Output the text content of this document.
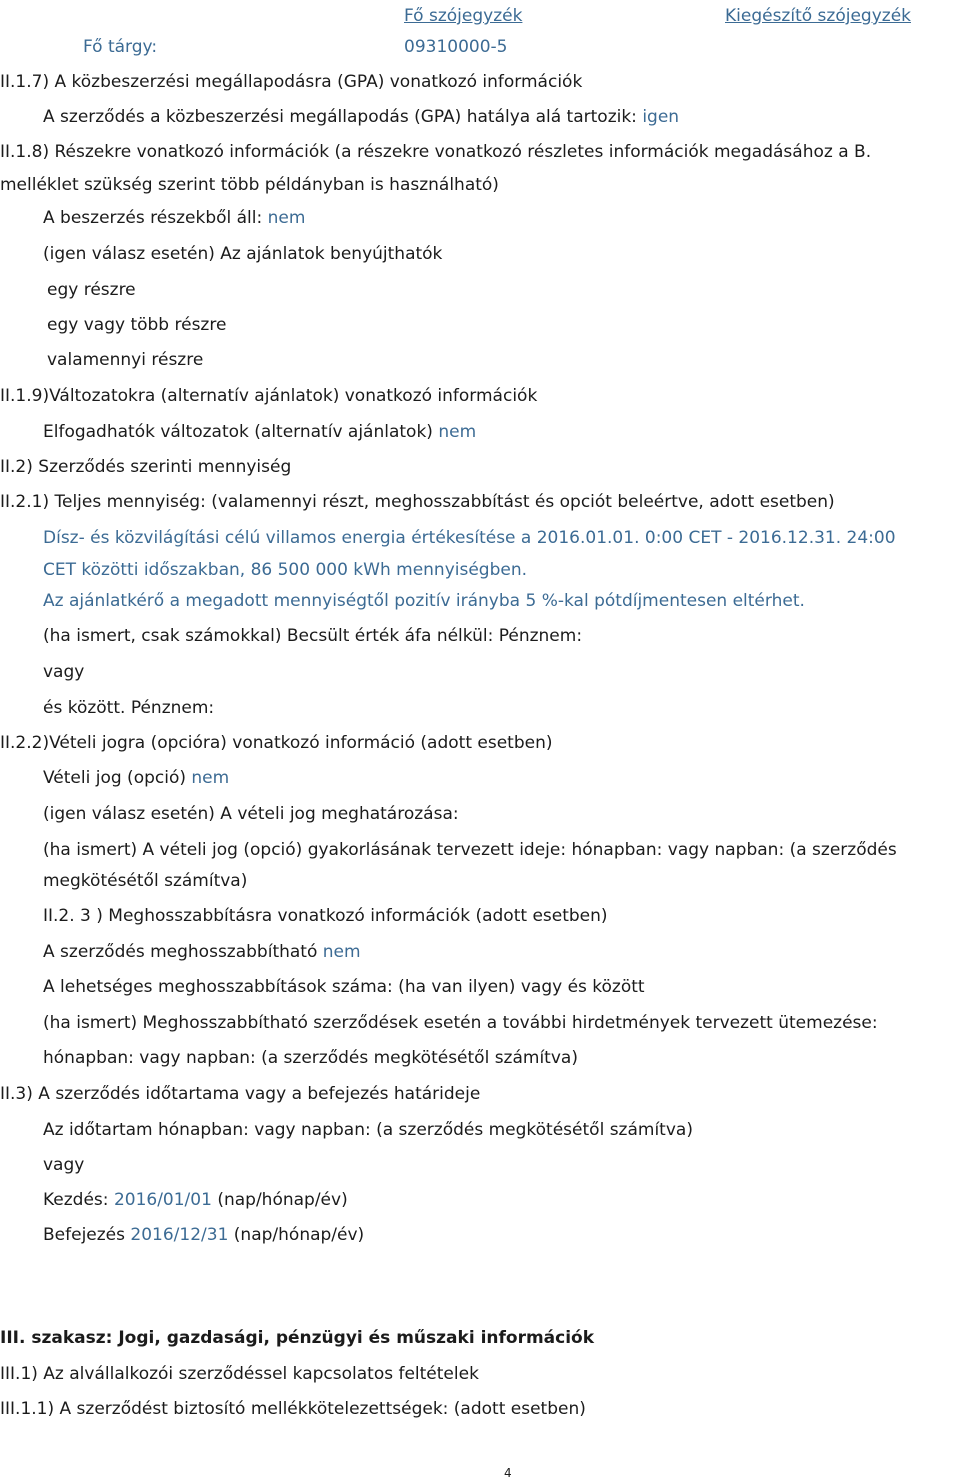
Fő szójegyzék	Kiegészítő szójegyzék
Fő tárgy:	09310000-5
II.1.7) A közbeszerzési megállapodásra (GPA) vonatkozó információk
A szerződés a közbeszerzési megállapodás (GPA) hatálya alá tartozik: igen
II.1.8) Részekre vonatkozó információk (a részekre vonatkozó részletes információk megadásához a B.
melléklet szükség szerint több példányban is használható)
A beszerzés részekből áll: nem
(igen válasz esetén) Az ajánlatok benyújthatók
egy részre
egy vagy több részre
valamennyi részre
II.1.9)Változatokra (alternatív ajánlatok) vonatkozó információk
Elfogadhatók változatok (alternatív ajánlatok) nem
II.2) Szerződés szerinti mennyiség
II.2.1) Teljes mennyiség: (valamennyi részt, meghosszabbítást és opciót beleértve, adott esetben)
Dísz- és közvilágítási célú villamos energia értékesítése a 2016.01.01. 0:00 CET - 2016.12.31. 24:00
CET közötti időszakban, 86 500 000 kWh mennyiségben.
Az ajánlatkérő a megadott mennyiségtől pozitív irányba 5 %-kal pótdíjmentesen eltérhet.
(ha ismert, csak számokkal) Becsült érték áfa nélkül: Pénznem:
vagy
és között. Pénznem:
II.2.2)Vételi jogra (opcióra) vonatkozó információ (adott esetben)
Vételi jog (opció) nem
(igen válasz esetén) A vételi jog meghatározása:
(ha ismert) A vételi jog (opció) gyakorlásának tervezett ideje: hónapban: vagy napban: (a szerződés
megkötésétől számítva)
II.2. 3 ) Meghosszabbításra vonatkozó információk (adott esetben)
A szerződés meghosszabbítható nem
A lehetséges meghosszabbítások száma: (ha van ilyen) vagy és között
(ha ismert) Meghosszabbítható szerződések esetén a további hirdetmények tervezett ütemezése:
hónapban: vagy napban: (a szerződés megkötésétől számítva)
II.3) A szerződés időtartama vagy a befejezés határideje
Az időtartam hónapban: vagy napban: (a szerződés megkötésétől számítva)
vagy
Kezdés: 2016/01/01 (nap/hónap/év)
Befejezés 2016/12/31 (nap/hónap/év)
III. szakasz: Jogi, gazdasági, pénzügyi és műszaki információk
III.1) Az alvállalkozói szerződéssel kapcsolatos feltételek
III.1.1) A szerződést biztosító mellékkötelezettségek: (adott esetben)
4
